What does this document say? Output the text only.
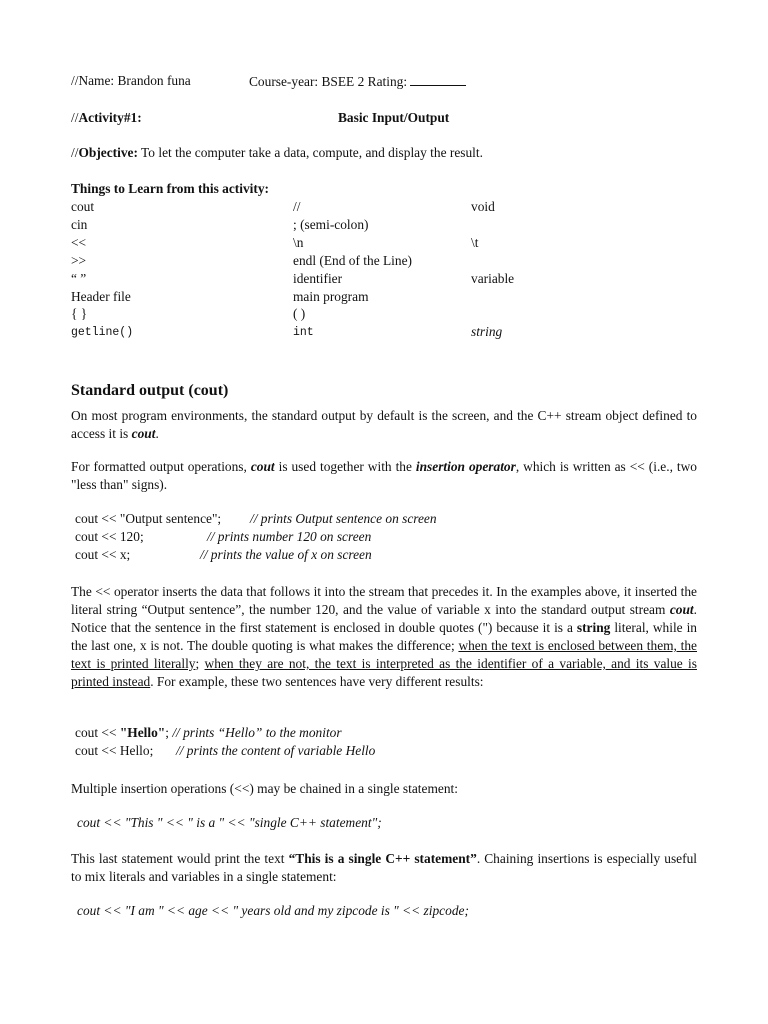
//Name: Brandon funa	Course-year: BSEE 2 Rating:
//Activity#1:	Basic Input/Output
//Objective: To let the computer take a data, compute, and display the result.
Things to Learn from this activity:
cout	//	void
cin	; (semi-colon)
<<	\n	\t
>>	endl (End of the Line)
“ ”	identifier	variable
Header file	main program
{ }	( )
getline()	int	string
Standard output (cout)
On most program environments, the standard output by default is the screen, and the C++ stream object defined to access it is cout.
For formatted output operations, cout is used together with the insertion operator, which is written as << (i.e., two "less than" signs).
cout << "Output sentence"; // prints Output sentence on screen
cout << 120;	// prints number 120 on screen
cout << x;	// prints the value of x on screen
The << operator inserts the data that follows it into the stream that precedes it. In the examples above, it inserted the literal string “Output sentence”, the number 120, and the value of variable x into the standard output stream cout. Notice that the sentence in the first statement is enclosed in double quotes (") because it is a string literal, while in the last one, x is not. The double quoting is what makes the difference; when the text is enclosed between them, the text is printed literally; when they are not, the text is interpreted as the identifier of a variable, and its value is printed instead. For example, these two sentences have very different results:
cout << "Hello"; // prints “Hello” to the monitor
cout << Hello; // prints the content of variable Hello
Multiple insertion operations (<<) may be chained in a single statement:
cout << "This " << " is a " << "single C++ statement";
This last statement would print the text “This is a single C++ statement”. Chaining insertions is especially useful to mix literals and variables in a single statement:
cout << "I am " << age << " years old and my zipcode is " << zipcode;
